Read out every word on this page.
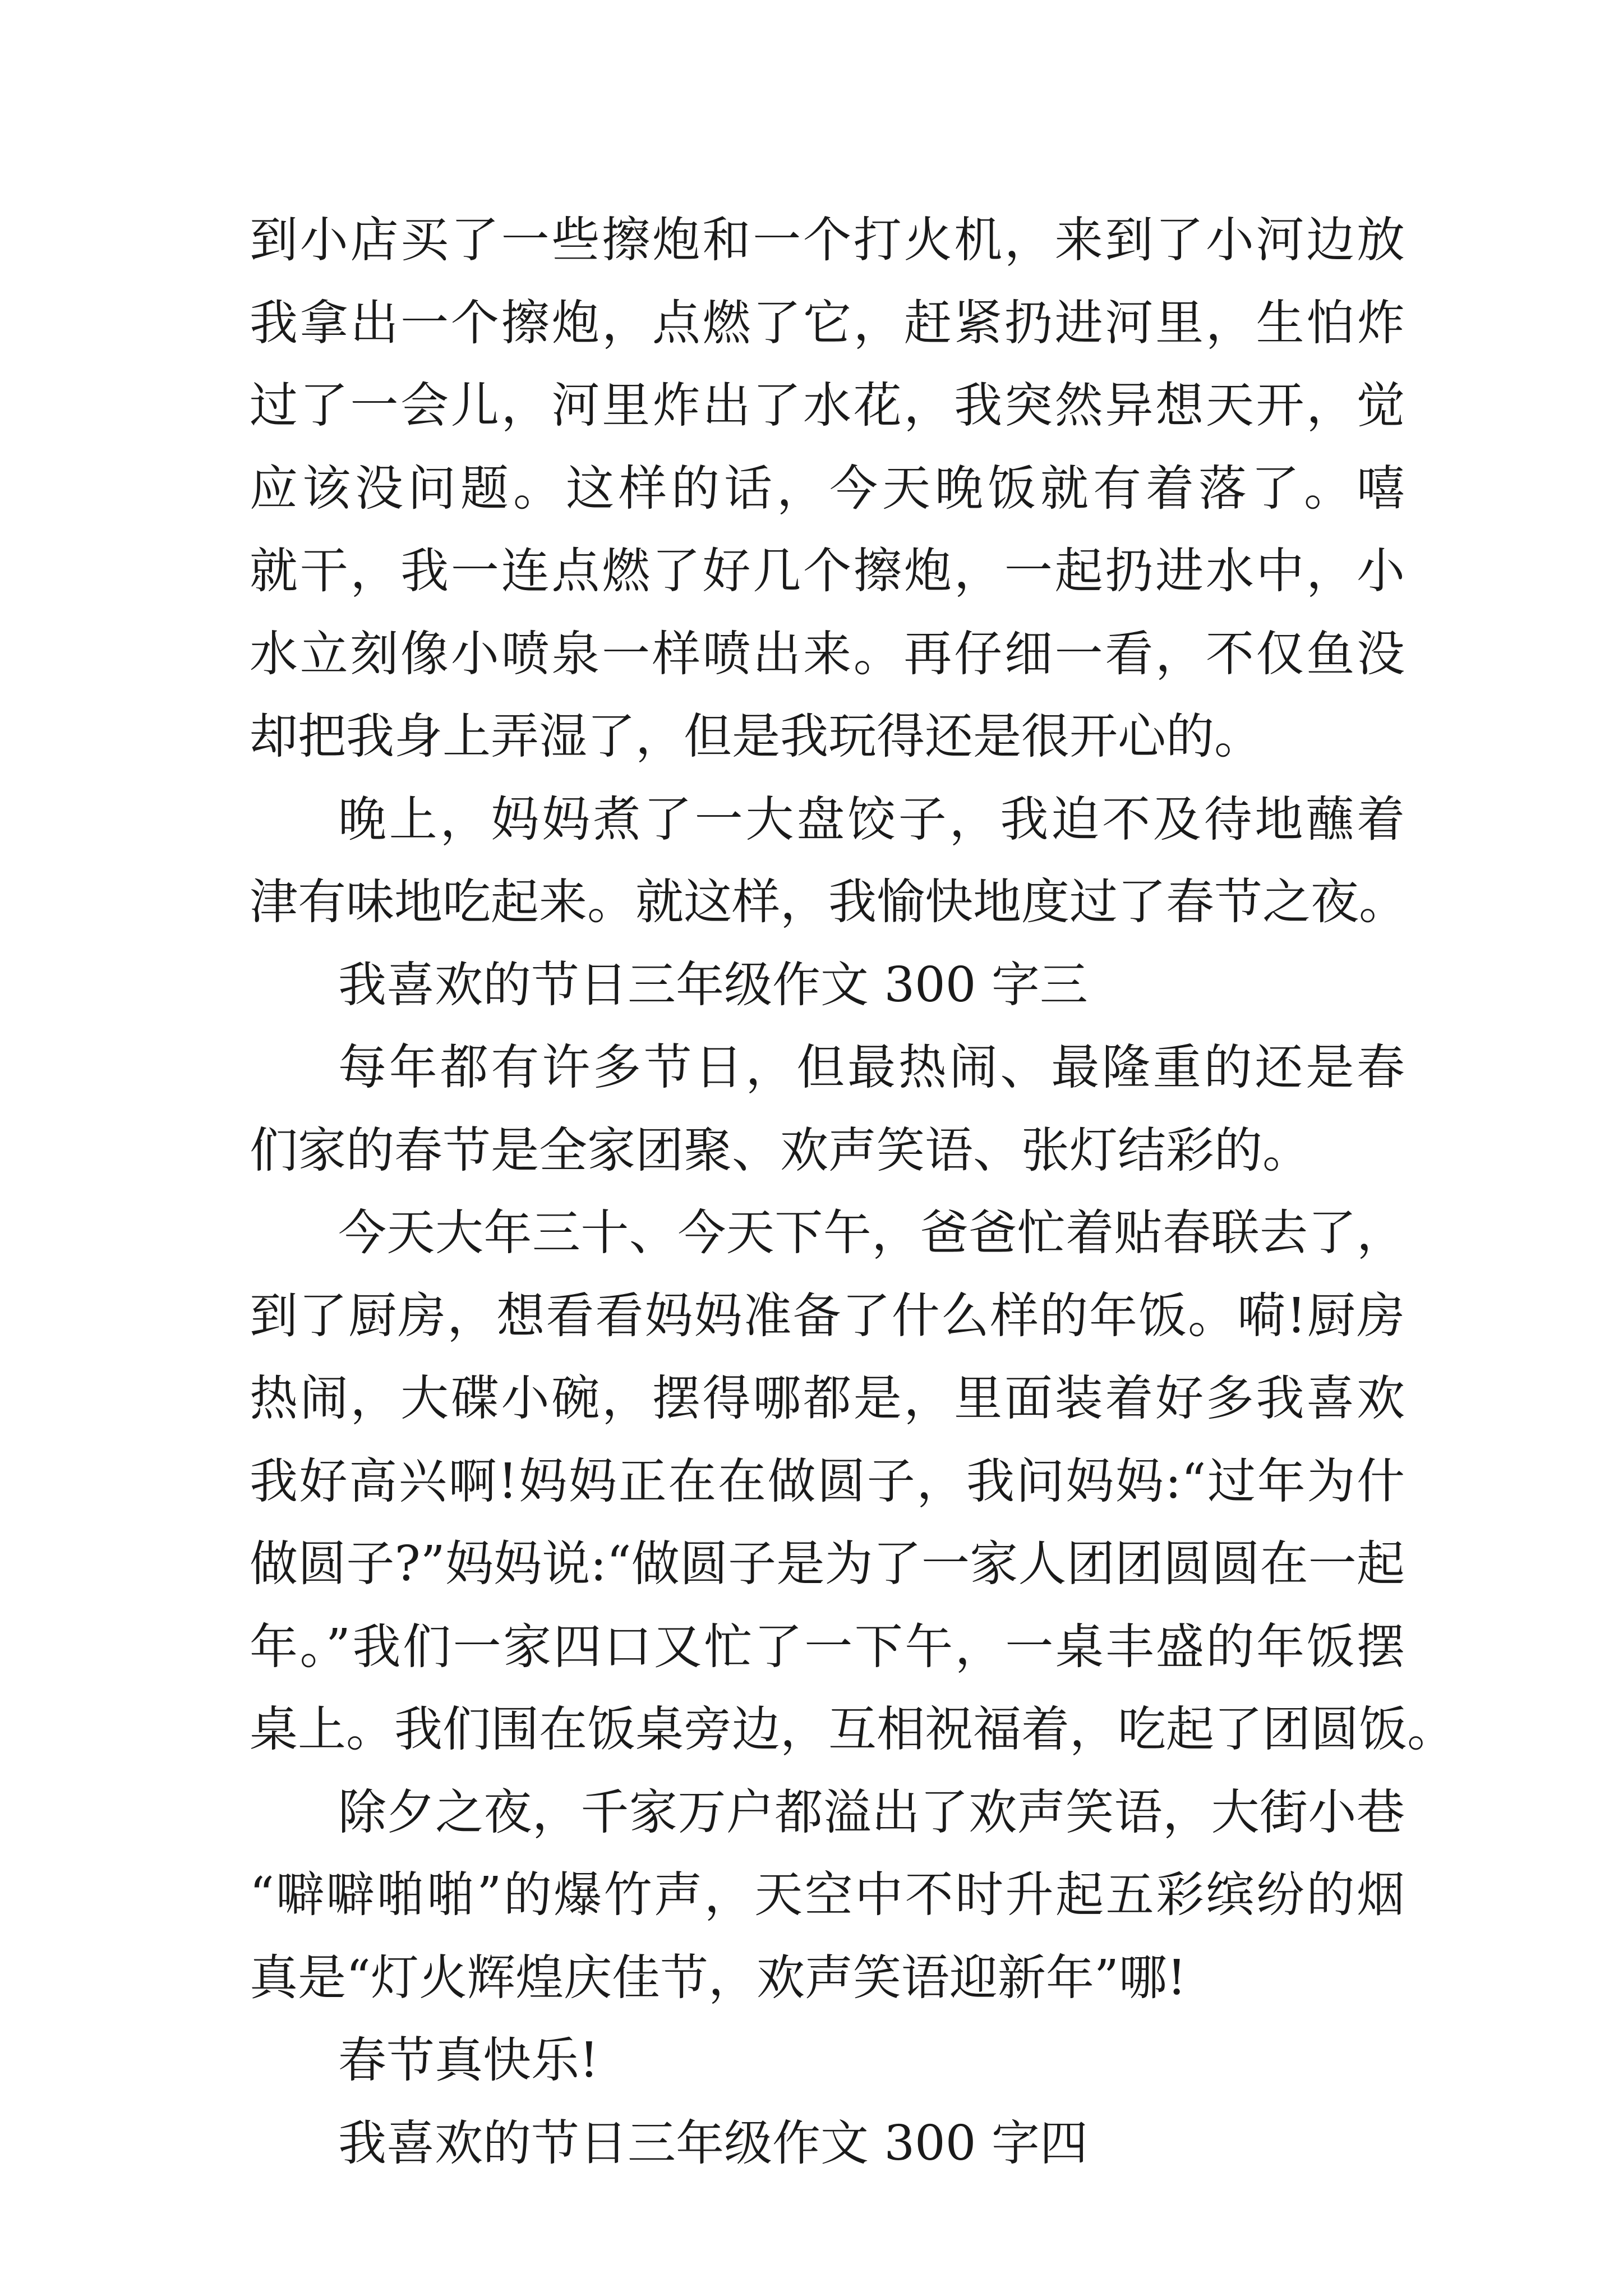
到小店买了一些擦炮和一个打火机，来到了小河边放
我拿出一个擦炮，点燃了它，赶紧扔进河里，生怕炸
过了一会儿，河里炸出了水花，我突然异想天开，觉
应该没问题。这样的话，今天晚饭就有着落了。嘻
就干，我一连点燃了好几个擦炮，一起扔进水中，小
水立刻像小喷泉一样喷出来。再仔细一看，不仅鱼没
却把我身上弄湿了，但是我玩得还是很开心的。
晚上，妈妈煮了一大盘饺子，我迫不及待地蘸着
津有味地吃起来。就这样，我愉快地度过了春节之夜。
我喜欢的节日三年级作文 300 字三
每年都有许多节日，但最热闹、最隆重的还是春
们家的春节是全家团聚、欢声笑语、张灯结彩的。
今天大年三十、今天下午，爸爸忙着贴春联去了，
到了厨房，想看看妈妈准备了什么样的年饭。嗬!厨房
热闹，大碟小碗，摆得哪都是，里面装着好多我喜欢
我好高兴啊!妈妈正在在做圆子，我问妈妈:“过年为什
做圆子?”妈妈说:“做圆子是为了一家人团团圆圆在一起
年。”我们一家四口又忙了一下午，一桌丰盛的年饭摆
桌上。我们围在饭桌旁边，互相祝福着，吃起了团圆饭。
除夕之夜，千家万户都溢出了欢声笑语，大街小巷
“噼噼啪啪”的爆竹声，天空中不时升起五彩缤纷的烟
真是“灯火辉煌庆佳节，欢声笑语迎新年”哪!
春节真快乐!
我喜欢的节日三年级作文 300 字四
